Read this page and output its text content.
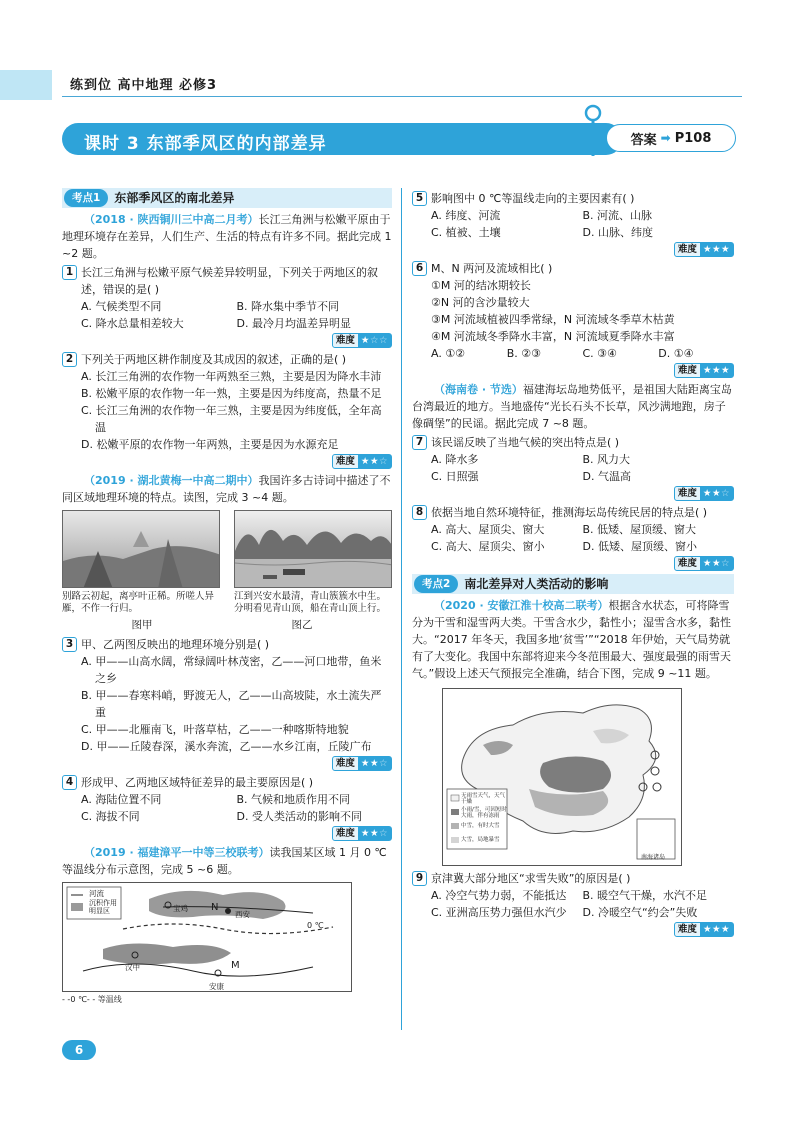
练到位 高中地理 必修3
课时 3 东部季风区的内部差异	答案 ➡ P108
考点1	东部季风区的南北差异
（2018 · 陕西铜川三中高二月考）长江三角洲与松嫩平原由于地理环境存在差异，人们生产、生活的特点有许多不同。据此完成 1 ~2 题。
1 长江三角洲与松嫩平原气候差异较明显，下列关于两地区的叙述，错误的是( )
A. 气候类型不同	B. 降水集中季节不同
C. 降水总量相差较大	D. 最冷月均温差异明显
难度 ★☆☆
2 下列关于两地区耕作制度及其成因的叙述，正确的是( )
A. 长江三角洲的农作物一年两熟至三熟，主要是因为降水丰沛
B. 松嫩平原的农作物一年一熟，主要是因为纬度高，热量不足
C. 长江三角洲的农作物一年三熟，主要是因为纬度低，全年高温
D. 松嫩平原的农作物一年两熟，主要是因为水源充足
难度 ★★☆
（2019 · 湖北黄梅一中高二期中）我国许多古诗词中描述了不同区域地理环境的特点。读图，完成 3 ~4 题。
别路云初起，离亭叶正稀。所嗟人异雁，不作一行归。
江到兴安水最清，青山簇簇水中生。分明看见青山顶，船在青山顶上行。
图甲	图乙
3 甲、乙两图反映出的地理环境分别是( )
A. 甲——山高水阔，常绿阔叶林茂密，乙——河口地带，鱼米之乡
B. 甲——春寒料峭，野渡无人，乙——山高坡陡，水土流失严重
C. 甲——北雁南飞，叶落草枯，乙——一种喀斯特地貌
D. 甲——丘陵春深，溪水奔流，乙——水乡江南，丘陵广布
难度 ★★☆
4 形成甲、乙两地区域特征差异的最主要原因是( )
A. 海陆位置不同	B. 气候和地质作用不同
C. 海拔不同	D. 受人类活动的影响不同
难度 ★★☆
（2019 · 福建漳平一中等三校联考）读我国某区域 1 月 0 ℃等温线分布示意图，完成 5 ~6 题。
河流
沉积作用明显区	N
西安
宝鸡
汉中	M
安康
0 ℃
- -0 ℃- - 等温线
5 影响图中 0 ℃等温线走向的主要因素有( )
A. 纬度、河流	B. 河流、山脉
C. 植被、土壤	D. 山脉、纬度
难度 ★★★
6 M、N 两河及流域相比( )
①M 河的结冰期较长
②N 河的含沙量较大
③M 河流域植被四季常绿，N 河流域冬季草木枯黄
④M 河流域冬季降水丰富，N 河流域夏季降水丰富
A. ①②	B. ②③	C. ③④	D. ①④
难度 ★★★
（海南卷 · 节选）福建海坛岛地势低平，是祖国大陆距离宝岛台湾最近的地方。当地盛传“光长石头不长草，风沙满地跑，房子像碉堡”的民谣。据此完成 7 ~8 题。
7 该民谣反映了当地气候的突出特点是( )
A. 降水多	B. 风力大
C. 日照强	D. 气温高
难度 ★★☆
8 依据当地自然环境特征，推测海坛岛传统民居的特点是( )
A. 高大、屋顶尖、窗大	B. 低矮、屋顶缓、窗大
C. 高大、屋顶尖、窗小	D. 低矮、屋顶缓、窗小
难度 ★★☆
考点2	南北差异对人类活动的影响
（2020 · 安徽江淮十校高二联考）根据含水状态，可将降雪分为干雪和湿雪两大类。干雪含水少，黏性小；湿雪含水多，黏性大。“2017 年冬天，我国多地‘贫雪’”“2018 年伊始，天气局势就有了大变化。我国中东部将迎来今冬范围最大、强度最强的雨雪天气。”假设上述天气预报完全准确，结合下图，完成 9 ~11 题。
无雨雪天气，天气干燥
小雨/雪，可因短时大雨，伴有冻雨
中雪，有时大雪
大雪，局地暴雪
南海诸岛
9 京津冀大部分地区“求雪失败”的原因是( )
A. 冷空气势力弱，不能抵达	B. 暖空气干燥，水汽不足
C. 亚洲高压势力强但水汽少	D. 冷暖空气“约会”失败
难度 ★★★
6
